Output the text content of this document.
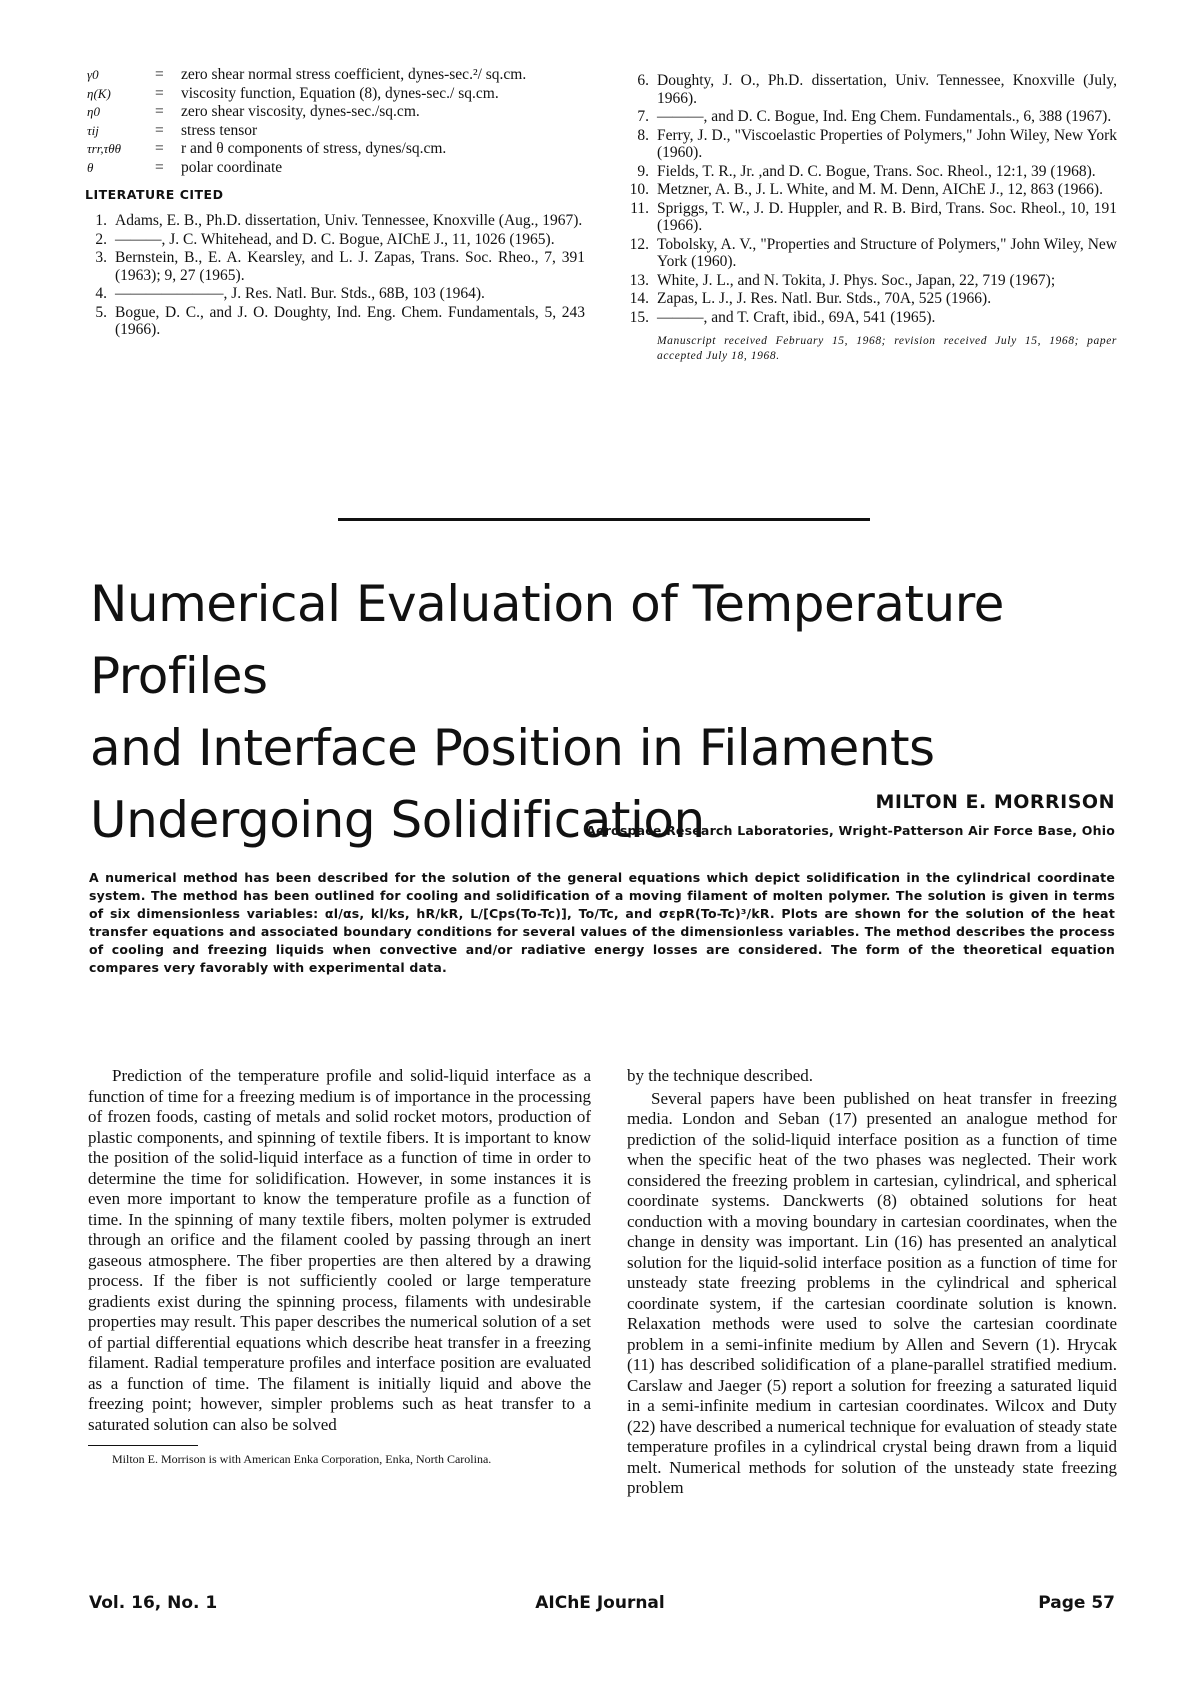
γ0	=	zero shear normal stress coefficient, dynes-sec.²/ sq.cm.
η(K)	=	viscosity function, Equation (8), dynes-sec./ sq.cm.
η0	=	zero shear viscosity, dynes-sec./sq.cm.
τij	=	stress tensor
τrr,τθθ	=	r and θ components of stress, dynes/sq.cm.
θ	=	polar coordinate
LITERATURE CITED
1. Adams, E. B., Ph.D. dissertation, Univ. Tennessee, Knoxville (Aug., 1967).
2. ———, J. C. Whitehead, and D. C. Bogue, AIChE J., 11, 1026 (1965).
3. Bernstein, B., E. A. Kearsley, and L. J. Zapas, Trans. Soc. Rheo., 7, 391 (1963); 9, 27 (1965).
4. ———————, J. Res. Natl. Bur. Stds., 68B, 103 (1964).
5. Bogue, D. C., and J. O. Doughty, Ind. Eng. Chem. Fundamentals, 5, 243 (1966).
6. Doughty, J. O., Ph.D. dissertation, Univ. Tennessee, Knoxville (July, 1966).
7. ———, and D. C. Bogue, Ind. Eng Chem. Fundamentals., 6, 388 (1967).
8. Ferry, J. D., "Viscoelastic Properties of Polymers," John Wiley, New York (1960).
9. Fields, T. R., Jr. ,and D. C. Bogue, Trans. Soc. Rheol., 12:1, 39 (1968).
10. Metzner, A. B., J. L. White, and M. M. Denn, AIChE J., 12, 863 (1966).
11. Spriggs, T. W., J. D. Huppler, and R. B. Bird, Trans. Soc. Rheol., 10, 191 (1966).
12. Tobolsky, A. V., "Properties and Structure of Polymers," John Wiley, New York (1960).
13. White, J. L., and N. Tokita, J. Phys. Soc., Japan, 22, 719 (1967);
14. Zapas, L. J., J. Res. Natl. Bur. Stds., 70A, 525 (1966).
15. ———, and T. Craft, ibid., 69A, 541 (1965).
Manuscript received February 15, 1968; revision received July 15, 1968; paper accepted July 18, 1968.
Numerical Evaluation of Temperature Profiles
and Interface Position in Filaments
Undergoing Solidification	MILTON E. MORRISON
Aerospace Research Laboratories, Wright-Patterson Air Force Base, Ohio
A numerical method has been described for the solution of the general equations which depict solidification in the cylindrical coordinate system. The method has been outlined for cooling and solidification of a moving filament of molten polymer. The solution is given in terms of six dimensionless variables: αl/αs, kl/ks, hR/kR, L/[Cps(To-Tc)], To/Tc, and σεpR(To-Tc)³/kR. Plots are shown for the solution of the heat transfer equations and associated boundary conditions for several values of the dimensionless variables. The method describes the process of cooling and freezing liquids when convective and/or radiative energy losses are considered. The form of the theoretical equation compares very favorably with experimental data.

Prediction of the temperature profile and solid-liquid interface as a function of time for a freezing medium is of importance in the processing of frozen foods, casting of metals and solid rocket motors, production of plastic components, and spinning of textile fibers. It is important to know the position of the solid-liquid interface as a function of time in order to determine the time for solidification. However, in some instances it is even more important to know the temperature profile as a function of time. In the spinning of many textile fibers, molten polymer is extruded through an orifice and the filament cooled by passing through an inert gaseous atmosphere. The fiber properties are then altered by a drawing process. If the fiber is not sufficiently cooled or large temperature gradients exist during the spinning process, filaments with undesirable properties may result. This paper describes the numerical solution of a set of partial differential equations which describe heat transfer in a freezing filament. Radial temperature profiles and interface position are evaluated as a function of time. The filament is initially liquid and above the freezing point; however, simpler problems such as heat transfer to a saturated solution can also be solved

Milton E. Morrison is with American Enka Corporation, Enka, North Carolina.

by the technique described.

Several papers have been published on heat transfer in freezing media. London and Seban (17) presented an analogue method for prediction of the solid-liquid interface position as a function of time when the specific heat of the two phases was neglected. Their work considered the freezing problem in cartesian, cylindrical, and spherical coordinate systems. Danckwerts (8) obtained solutions for heat conduction with a moving boundary in cartesian coordinates, when the change in density was important. Lin (16) has presented an analytical solution for the liquid-solid interface position as a function of time for unsteady state freezing problems in the cylindrical and spherical coordinate system, if the cartesian coordinate solution is known. Relaxation methods were used to solve the cartesian coordinate problem in a semi-infinite medium by Allen and Severn (1). Hrycak (11) has described solidification of a plane-parallel stratified medium. Carslaw and Jaeger (5) report a solution for freezing a saturated liquid in a semi-infinite medium in cartesian coordinates. Wilcox and Duty (22) have described a numerical technique for evaluation of steady state temperature profiles in a cylindrical crystal being drawn from a liquid melt. Numerical methods for solution of the unsteady state freezing problem

Vol. 16, No. 1	AIChE Journal	Page 57
